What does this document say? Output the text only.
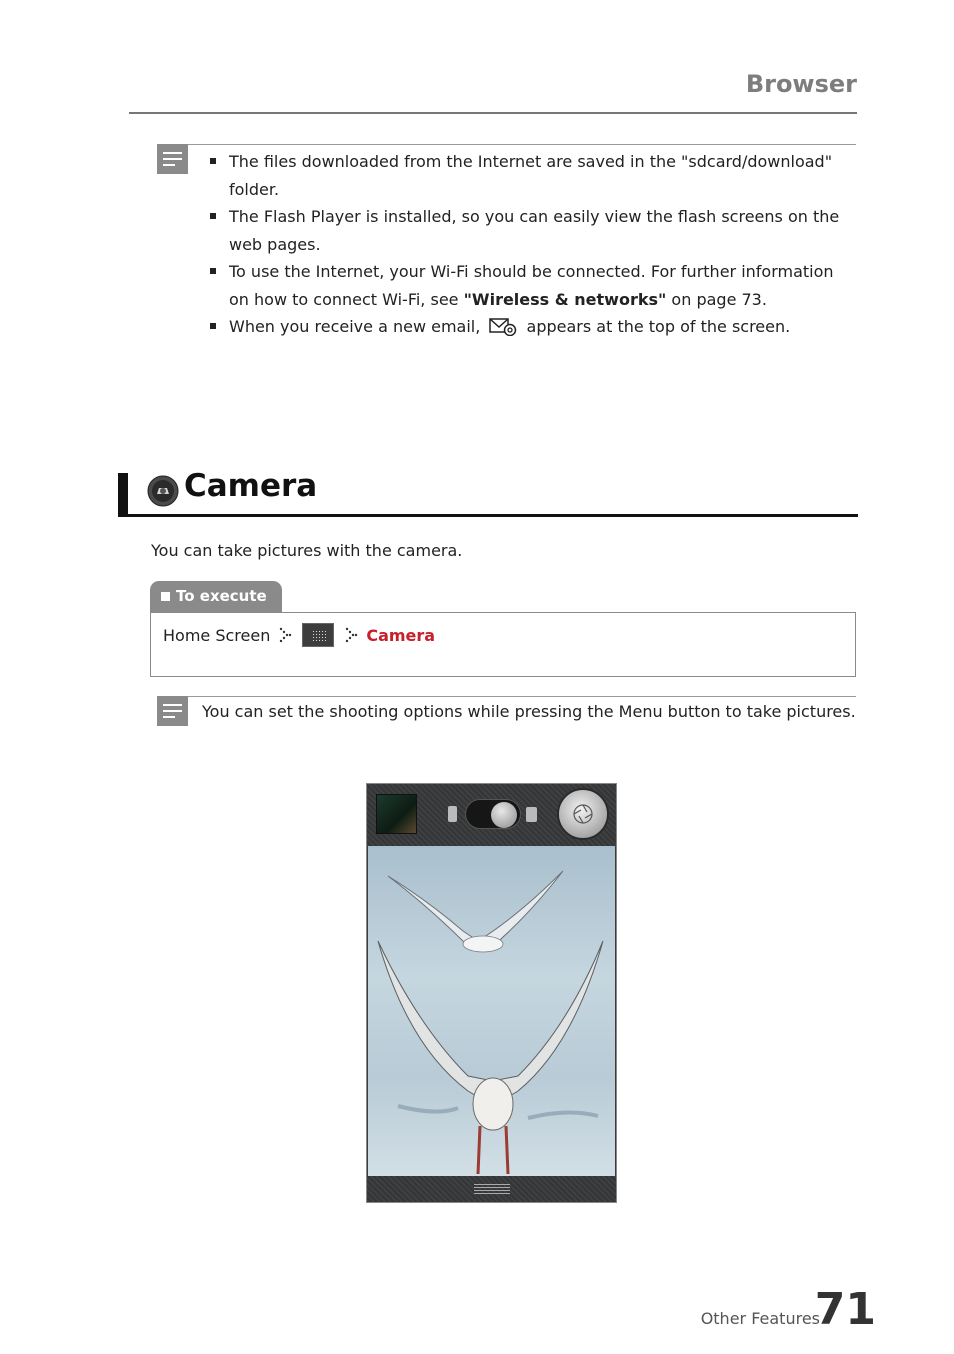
Browser
The files downloaded from the Internet are saved in the "sdcard/download" folder.
The Flash Player is installed, so you can easily view the flash screens on the web pages.
To use the Internet, your Wi-Fi should be connected. For further information on how to connect Wi-Fi, see "Wireless & networks" on page 73.
When you receive a new email,  appears at the top of the screen.
Camera
You can take pictures with the camera.
To execute
Home Screen	Camera
You can set the shooting options while pressing the Menu button to take pictures.
Other Features
71
